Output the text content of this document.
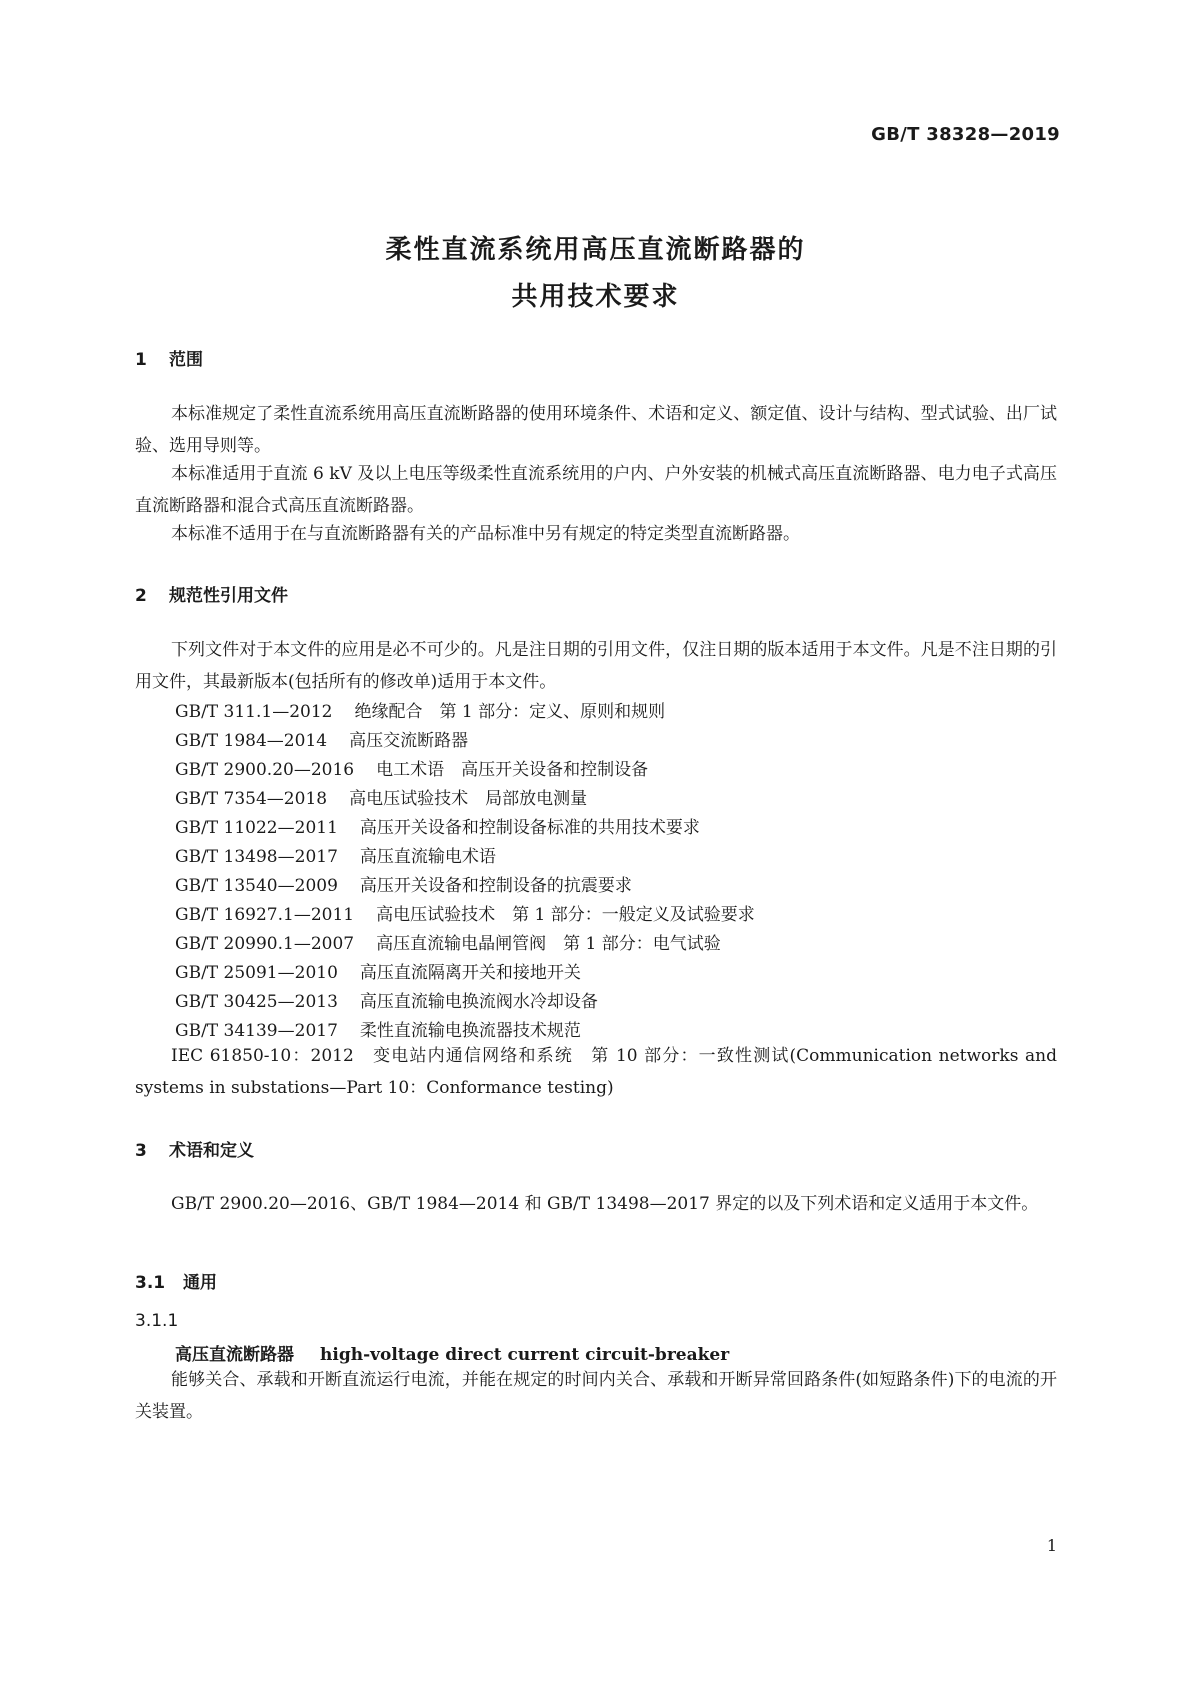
GB/T 38328—2019
柔性直流系统用高压直流断路器的
共用技术要求
1 范围
本标准规定了柔性直流系统用高压直流断路器的使用环境条件、术语和定义、额定值、设计与结构、型式试验、出厂试验、选用导则等。
本标准适用于直流 6 kV 及以上电压等级柔性直流系统用的户内、户外安装的机械式高压直流断路器、电力电子式高压直流断路器和混合式高压直流断路器。
本标准不适用于在与直流断路器有关的产品标准中另有规定的特定类型直流断路器。
2 规范性引用文件
下列文件对于本文件的应用是必不可少的。凡是注日期的引用文件，仅注日期的版本适用于本文件。凡是不注日期的引用文件，其最新版本(包括所有的修改单)适用于本文件。
GB/T 311.1—2012 绝缘配合　第 1 部分：定义、原则和规则
GB/T 1984—2014 高压交流断路器
GB/T 2900.20—2016 电工术语　高压开关设备和控制设备
GB/T 7354—2018 高电压试验技术　局部放电测量
GB/T 11022—2011 高压开关设备和控制设备标准的共用技术要求
GB/T 13498—2017 高压直流输电术语
GB/T 13540—2009 高压开关设备和控制设备的抗震要求
GB/T 16927.1—2011 高电压试验技术　第 1 部分：一般定义及试验要求
GB/T 20990.1—2007 高压直流输电晶闸管阀　第 1 部分：电气试验
GB/T 25091—2010 高压直流隔离开关和接地开关
GB/T 30425—2013 高压直流输电换流阀水冷却设备
GB/T 34139—2017 柔性直流输电换流器技术规范
IEC 61850-10：2012　变电站内通信网络和系统　第 10 部分：一致性测试(Communication networks and systems in substations—Part 10：Conformance testing)
3 术语和定义
GB/T 2900.20—2016、GB/T 1984—2014 和 GB/T 13498—2017 界定的以及下列术语和定义适用于本文件。
3.1 通用
3.1.1
高压直流断路器 high-voltage direct current circuit-breaker
能够关合、承载和开断直流运行电流，并能在规定的时间内关合、承载和开断异常回路条件(如短路条件)下的电流的开关装置。
1
